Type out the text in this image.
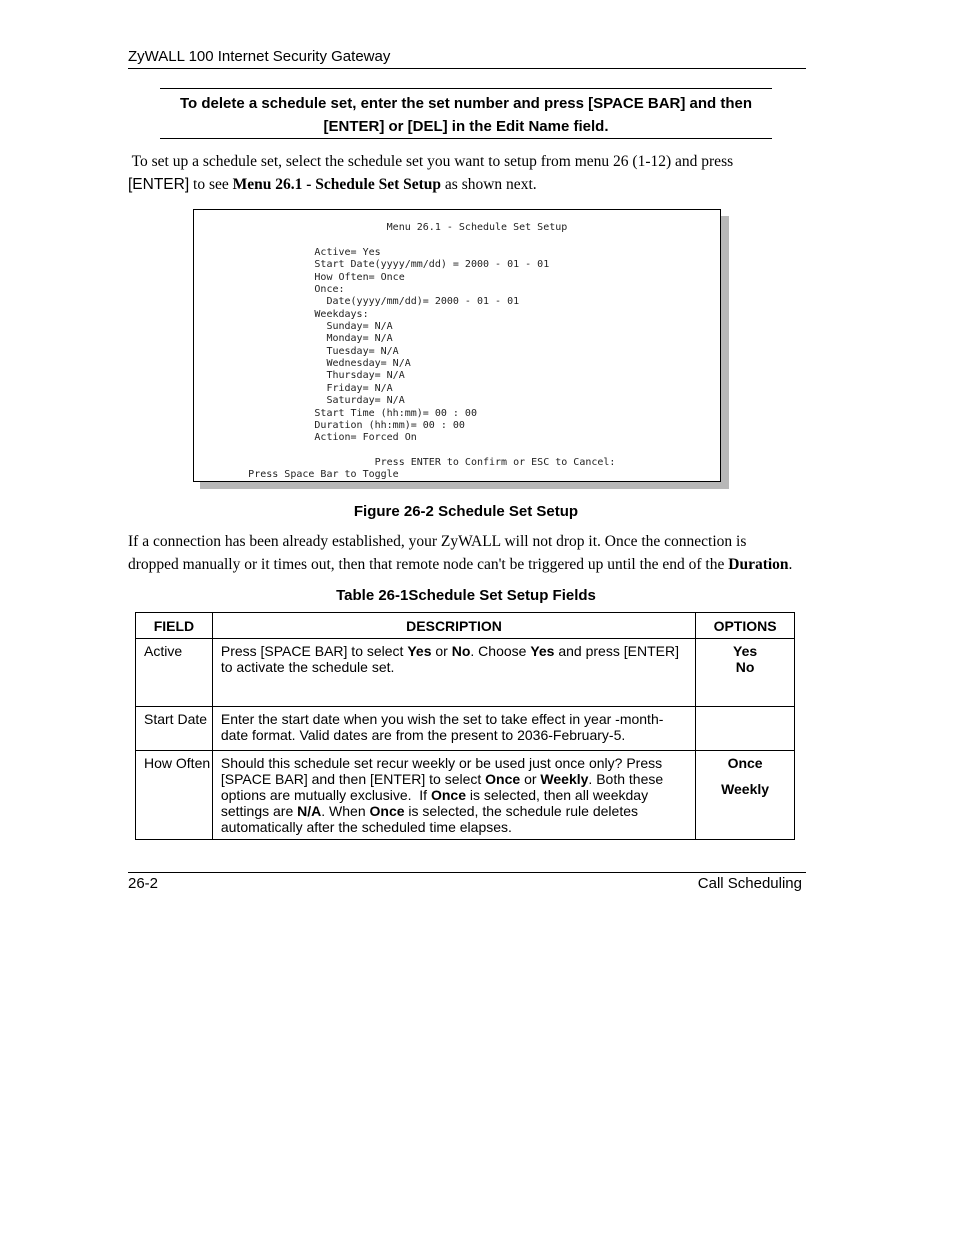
ZyWALL 100 Internet Security Gateway
To delete a schedule set, enter the set number and press [SPACE BAR] and then
[ENTER] or [DEL] in the Edit Name field.
To set up a schedule set, select the schedule set you want to setup from menu 26 (1-12) and press
[ENTER] to see Menu 26.1 - Schedule Set Setup as shown next.

Menu 26.1 - Schedule Set Setup

Active= Yes
Start Date(yyyy/mm/dd) = 2000 - 01 - 01
How Often= Once
Once:
Date(yyyy/mm/dd)= 2000 - 01 - 01
Weekdays:
Sunday= N/A
Monday= N/A
Tuesday= N/A
Wednesday= N/A
Thursday= N/A
Friday= N/A
Saturday= N/A
Start Time (hh:mm)= 00 : 00
Duration (hh:mm)= 00 : 00
Action= Forced On

Press ENTER to Confirm or ESC to Cancel:
Press Space Bar to Toggle
Figure 26-2 Schedule Set Setup
If a connection has been already established, your ZyWALL will not drop it. Once the connection is
dropped manually or it times out, then that remote node can't be triggered up until the end of the Duration.
Table 26-1Schedule Set Setup Fields
FIELD	DESCRIPTION	OPTIONS
Active	Press [SPACE BAR] to select Yes or No. Choose Yes and press [ENTER] to activate the schedule set.	Yes
No

Start Date	Enter the start date when you wish the set to take effect in year -month-date format. Valid dates are from the present to 2036-February-5.	
How Often	Should this schedule set recur weekly or be used just once only? Press [SPACE BAR] and then [ENTER] to select Once or Weekly. Both these options are mutually exclusive.  If Once is selected, then all weekday settings are N/A. When Once is selected, the schedule rule deletes automatically after the scheduled time elapses.	Once
Weekly
26-2	Call Scheduling
